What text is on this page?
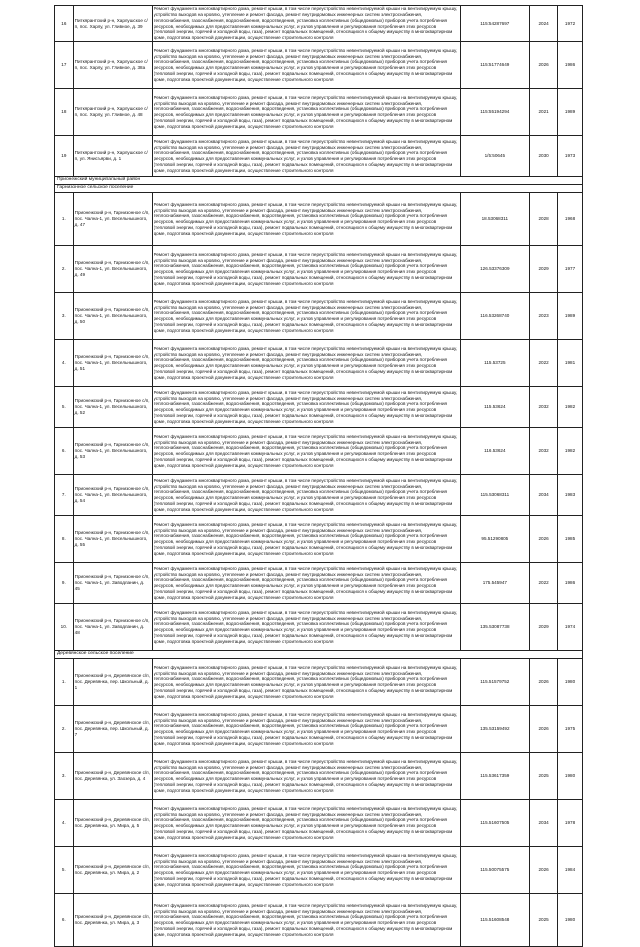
16	Питкярантский р-н, Харлушское с/п, пос. Харлу, ул. Гливное, д. 39	Ремонт фундамента многоквартирного дома, ремонт крыши, в том числе переустройство невентилируемой крыши на вентилируемую крышу, устройство выходов на кровлю, утепление и ремонт фасада, ремонт внутридомовых инженерных систем электроснабжения, теплоснабжения, газоснабжения, водоснабжения, водоотведения, установка коллективных (общедомовых) приборов учета потребления ресурсов, необходимых для предоставления коммунальных услуг, и узлов управления и регулирования потребления этих ресурсов (тепловой энергии, горячей и холодной воды, газа), ремонт подвальных помещений, относящихся к общему имуществу в многоквартирном доме, подготовка проектной документации, осуществление строительного контроля	115:54287697	2024	1972
17	Питкярантский р-н, Харлушское с/п, пос. Харлу, ул. Гливное, д. 38а	Ремонт фундамента многоквартирного дома, ремонт крыши, в том числе переустройство невентилируемой крыши на вентилируемую крышу, устройство выходов на кровлю, утепление и ремонт фасада, ремонт внутридомовых инженерных систем электроснабжения, теплоснабжения, газоснабжения, водоснабжения, водоотведения, установка коллективных (общедомовых) приборов учета потребления ресурсов, необходимых для предоставления коммунальных услуг, и узлов управления и регулирования потребления этих ресурсов (тепловой энергии, горячей и холодной воды, газа), ремонт подвальных помещений, относящихся к общему имуществу в многоквартирном доме, подготовка проектной документации, осуществление строительного контроля	115:51774649	2026	1986
18	Питкярантский р-н, Харлушское с/п, пос. Харлу, ул. Гливное, д. 48	Ремонт фундамента многоквартирного дома, ремонт крыши, в том числе переустройство невентилируемой крыши на вентилируемую крышу, устройство выходов на кровлю, утепление и ремонт фасада, ремонт внутридомовых инженерных систем электроснабжения, теплоснабжения, газоснабжения, водоснабжения, водоотведения, установка коллективных (общедомовых) приборов учета потребления ресурсов, необходимых для предоставления коммунальных услуг, и узлов управления и регулирования потребления этих ресурсов (тепловой энергии, горячей и холодной воды, газа), ремонт подвальных помещений, относящихся к общему имуществу в многоквартирном доме, подготовка проектной документации, осуществление строительного контроля	115:55194294	2021	1989
19	Питкярантский р-н, Харлушское с/п, ул. Янисъярви, д. 1	Ремонт фундамента многоквартирного дома, ремонт крыши, в том числе переустройство невентилируемой крыши на вентилируемую крышу, устройство выходов на кровлю, утепление и ремонт фасада, ремонт внутридомовых инженерных систем электроснабжения, теплоснабжения, газоснабжения, водоснабжения, водоотведения, установка коллективных (общедомовых) приборов учета потребления ресурсов, необходимых для предоставления коммунальных услуг, и узлов управления и регулирования потребления этих ресурсов (тепловой энергии, горячей и холодной воды, газа), ремонт подвальных помещений, относящихся к общему имуществу в многоквартирном доме, подготовка проектной документации, осуществление строительного контроля	1/5:50645	2030	1973
Прионежский муниципальный район					
Гарнизонное сельское поселение					
1.	Прионежский р-н, Гарнизонное с/п, пос. Чална-1, ул. Весельнышного, д. 47	Ремонт фундамента многоквартирного дома, ремонт крыши, в том числе переустройство невентилируемой крыши на вентилируемую крышу, устройство выходов на кровлю, утепление и ремонт фасада, ремонт внутридомовых инженерных систем электроснабжения, теплоснабжения, газоснабжения, водоснабжения, водоотведения, установка коллективных (общедомовых) приборов учета потребления ресурсов, необходимых для предоставления коммунальных услуг, и узлов управления и регулирования потребления этих ресурсов (тепловой энергии, горячей и холодной воды, газа), ремонт подвальных помещений, относящихся к общему имуществу в многоквартирном доме, подготовка проектной документации, осуществление строительного контроля	18.53068311	2028	1968
2.	Прионежский р-н, Гарнизонное с/п, пос. Чална-1, ул. Весельнышного, д. 49	Ремонт фундамента многоквартирного дома, ремонт крыши, в том числе переустройство невентилируемой крыши на вентилируемую крышу, устройство выходов на кровлю, утепление и ремонт фасада, ремонт внутридомовых инженерных систем электроснабжения, теплоснабжения, газоснабжения, водоснабжения, водоотведения, установка коллективных (общедомовых) приборов учета потребления ресурсов, необходимых для предоставления коммунальных услуг, и узлов управления и регулирования потребления этих ресурсов (тепловой энергии, горячей и холодной воды, газа), ремонт подвальных помещений, относящихся к общему имуществу в многоквартирном доме, подготовка проектной документации, осуществление строительного контроля	126.53376309	2029	1977
3.	Прионежский р-н, Гарнизонное с/п, пос. Чална-1, ул. Весельнышного, д. 50	Ремонт фундамента многоквартирного дома, ремонт крыши, в том числе переустройство невентилируемой крыши на вентилируемую крышу, устройство выходов на кровлю, утепление и ремонт фасада, ремонт внутридомовых инженерных систем электроснабжения, теплоснабжения, газоснабжения, водоснабжения, водоотведения, установка коллективных (общедомовых) приборов учета потребления ресурсов, необходимых для предоставления коммунальных услуг, и узлов управления и регулирования потребления этих ресурсов (тепловой энергии, горячей и холодной воды, газа), ремонт подвальных помещений, относящихся к общему имуществу в многоквартирном доме, подготовка проектной документации, осуществление строительного контроля	116.53268740	2023	1989
4.	Прионежский р-н, Гарнизонное с/п, пос. Чална-1, ул. Весельнышного, д. 51	Ремонт фундамента многоквартирного дома, ремонт крыши, в том числе переустройство невентилируемой крыши на вентилируемую крышу, устройство выходов на кровлю, утепление и ремонт фасада, ремонт внутридомовых инженерных систем электроснабжения, теплоснабжения, газоснабжения, водоснабжения, водоотведения, установка коллективных (общедомовых) приборов учета потребления ресурсов, необходимых для предоставления коммунальных услуг, и узлов управления и регулирования потребления этих ресурсов (тепловой энергии, горячей и холодной воды, газа), ремонт подвальных помещений, относящихся к общему имуществу в многоквартирном доме, подготовка проектной документации, осуществление строительного контроля	115.53725	2022	1981
5.	Прионежский р-н, Гарнизонное с/п, пос. Чална-1, ул. Весельнышного, д. 52	Ремонт фундамента многоквартирного дома, ремонт крыши, в том числе переустройство невентилируемой крыши на вентилируемую крышу, устройство выходов на кровлю, утепление и ремонт фасада, ремонт внутридомовых инженерных систем электроснабжения, теплоснабжения, газоснабжения, водоснабжения, водоотведения, установка коллективных (общедомовых) приборов учета потребления ресурсов, необходимых для предоставления коммунальных услуг, и узлов управления и регулирования потребления этих ресурсов (тепловой энергии, горячей и холодной воды, газа), ремонт подвальных помещений, относящихся к общему имуществу в многоквартирном доме, подготовка проектной документации, осуществление строительного контроля	115.53624	2032	1982
6.	Прионежский р-н, Гарнизонное с/п, пос. Чална-1, ул. Весельнышного, д. 53	Ремонт фундамента многоквартирного дома, ремонт крыши, в том числе переустройство невентилируемой крыши на вентилируемую крышу, устройство выходов на кровлю, утепление и ремонт фасада, ремонт внутридомовых инженерных систем электроснабжения, теплоснабжения, газоснабжения, водоснабжения, водоотведения, установка коллективных (общедомовых) приборов учета потребления ресурсов, необходимых для предоставления коммунальных услуг, и узлов управления и регулирования потребления этих ресурсов (тепловой энергии, горячей и холодной воды, газа), ремонт подвальных помещений, относящихся к общему имуществу в многоквартирном доме, подготовка проектной документации, осуществление строительного контроля	116.53624	2032	1982
7.	Прионежский р-н, Гарнизонное с/п, пос. Чална-1, ул. Весельнышного, д. 54	Ремонт фундамента многоквартирного дома, ремонт крыши, в том числе переустройство невентилируемой крыши на вентилируемую крышу, устройство выходов на кровлю, утепление и ремонт фасада, ремонт внутридомовых инженерных систем электроснабжения, теплоснабжения, газоснабжения, водоснабжения, водоотведения, установка коллективных (общедомовых) приборов учета потребления ресурсов, необходимых для предоставления коммунальных услуг, и узлов управления и регулирования потребления этих ресурсов (тепловой энергии, горячей и холодной воды, газа), ремонт подвальных помещений, относящихся к общему имуществу в многоквартирном доме, подготовка проектной документации, осуществление строительного контроля	115.53068311	2034	1983
8.	Прионежский р-н, Гарнизонное с/п, пос. Чална-1, ул. Весельнышного, д. 55	Ремонт фундамента многоквартирного дома, ремонт крыши, в том числе переустройство невентилируемой крыши на вентилируемую крышу, устройство выходов на кровлю, утепление и ремонт фасада, ремонт внутридомовых инженерных систем электроснабжения, теплоснабжения, газоснабжения, водоснабжения, водоотведения, установка коллективных (общедомовых) приборов учета потребления ресурсов, необходимых для предоставления коммунальных услуг, и узлов управления и регулирования потребления этих ресурсов (тепловой энергии, горячей и холодной воды, газа), ремонт подвальных помещений, относящихся к общему имуществу в многоквартирном доме, подготовка проектной документации, осуществление строительного контроля	95.51290805	2026	1985
9.	Прионежский р-н, Гарнизонное с/п, пос. Чална-1, ул. Заводланин, д. 45	Ремонт фундамента многоквартирного дома, ремонт крыши, в том числе переустройство невентилируемой крыши на вентилируемую крышу, устройство выходов на кровлю, утепление и ремонт фасада, ремонт внутридомовых инженерных систем электроснабжения, теплоснабжения, газоснабжения, водоснабжения, водоотведения, установка коллективных (общедомовых) приборов учета потребления ресурсов, необходимых для предоставления коммунальных услуг, и узлов управления и регулирования потребления этих ресурсов (тепловой энергии, горячей и холодной воды, газа), ремонт подвальных помещений, относящихся к общему имуществу в многоквартирном доме, подготовка проектной документации, осуществление строительного контроля	175.545947	2022	1986
10.	Прионежский р-н, Гарнизонное с/п, пос. Чална-1, ул. Заводланин, д. 48	Ремонт фундамента многоквартирного дома, ремонт крыши, в том числе переустройство невентилируемой крыши на вентилируемую крышу, устройство выходов на кровлю, утепление и ремонт фасада, ремонт внутридомовых инженерных систем электроснабжения, теплоснабжения, газоснабжения, водоснабжения, водоотведения, установка коллективных (общедомовых) приборов учета потребления ресурсов, необходимых для предоставления коммунальных услуг, и узлов управления и регулирования потребления этих ресурсов (тепловой энергии, горячей и холодной воды, газа), ремонт подвальных помещений, относящихся к общему имуществу в многоквартирном доме, подготовка проектной документации, осуществление строительного контроля	135.53087738	2029	1974
Деревянское сельское поселение					
1.	Прионежский р-н, Деревянское с/п, пос. Деревянка, пер. Школьный, д. 1	Ремонт фундамента многоквартирного дома, ремонт крыши, в том числе переустройство невентилируемой крыши на вентилируемую крышу, устройство выходов на кровлю, утепление и ремонт фасада, ремонт внутридомовых инженерных систем электроснабжения, теплоснабжения, газоснабжения, водоснабжения, водоотведения, установка коллективных (общедомовых) приборов учета потребления ресурсов, необходимых для предоставления коммунальных услуг, и узлов управления и регулирования потребления этих ресурсов (тепловой энергии, горячей и холодной воды, газа), ремонт подвальных помещений, относящихся к общему имуществу в многоквартирном доме, подготовка проектной документации, осуществление строительного контроля	115.51579752	2026	1980
2.	Прионежский р-н, Деревянское с/п, пос. Деревянка, пер. Школьный, д. 7	Ремонт фундамента многоквартирного дома, ремонт крыши, в том числе переустройство невентилируемой крыши на вентилируемую крышу, устройство выходов на кровлю, утепление и ремонт фасада, ремонт внутридомовых инженерных систем электроснабжения, теплоснабжения, газоснабжения, водоснабжения, водоотведения, установка коллективных (общедомовых) приборов учета потребления ресурсов, необходимых для предоставления коммунальных услуг, и узлов управления и регулирования потребления этих ресурсов (тепловой энергии, горячей и холодной воды, газа), ремонт подвальных помещений, относящихся к общему имуществу в многоквартирном доме, подготовка проектной документации, осуществление строительного контроля	135.53159492	2026	1975
3.	Прионежский р-н, Деревянское с/п, пос. Деревянка, ул. Заозера, д. 4	Ремонт фундамента многоквартирного дома, ремонт крыши, в том числе переустройство невентилируемой крыши на вентилируемую крышу, устройство выходов на кровлю, утепление и ремонт фасада, ремонт внутридомовых инженерных систем электроснабжения, теплоснабжения, газоснабжения, водоснабжения, водоотведения, установка коллективных (общедомовых) приборов учета потребления ресурсов, необходимых для предоставления коммунальных услуг, и узлов управления и регулирования потребления этих ресурсов (тепловой энергии, горячей и холодной воды, газа), ремонт подвальных помещений, относящихся к общему имуществу в многоквартирном доме, подготовка проектной документации, осуществление строительного контроля	115.53617359	2025	1980
4.	Прионежский р-н, Деревянское с/п, пос. Деревянка, ул. Мира, д. 5	Ремонт фундамента многоквартирного дома, ремонт крыши, в том числе переустройство невентилируемой крыши на вентилируемую крышу, устройство выходов на кровлю, утепление и ремонт фасада, ремонт внутридомовых инженерных систем электроснабжения, теплоснабжения, газоснабжения, водоснабжения, водоотведения, установка коллективных (общедомовых) приборов учета потребления ресурсов, необходимых для предоставления коммунальных услуг, и узлов управления и регулирования потребления этих ресурсов (тепловой энергии, горячей и холодной воды, газа), ремонт подвальных помещений, относящихся к общему имуществу в многоквартирном доме, подготовка проектной документации, осуществление строительного контроля	115.51607505	2034	1978
5.	Прионежский р-н, Деревянское с/п, пос. Деревянка, ул. Мира, д. 2	Ремонт фундамента многоквартирного дома, ремонт крыши, в том числе переустройство невентилируемой крыши на вентилируемую крышу, устройство выходов на кровлю, утепление и ремонт фасада, ремонт внутридомовых инженерных систем электроснабжения, теплоснабжения, газоснабжения, водоснабжения, водоотведения, установка коллективных (общедомовых) приборов учета потребления ресурсов, необходимых для предоставления коммунальных услуг, и узлов управления и регулирования потребления этих ресурсов (тепловой энергии, горячей и холодной воды, газа), ремонт подвальных помещений, относящихся к общему имуществу в многоквартирном доме, подготовка проектной документации, осуществление строительного контроля	115.50075575	2026	1984
6.	Прионежский р-н, Деревянское с/п, пос. Деревянка, ул. Мира, д. 3	Ремонт фундамента многоквартирного дома, ремонт крыши, в том числе переустройство невентилируемой крыши на вентилируемую крышу, устройство выходов на кровлю, утепление и ремонт фасада, ремонт внутридомовых инженерных систем электроснабжения, теплоснабжения, газоснабжения, водоснабжения, водоотведения, установка коллективных (общедомовых) приборов учета потребления ресурсов, необходимых для предоставления коммунальных услуг, и узлов управления и регулирования потребления этих ресурсов (тепловой энергии, горячей и холодной воды, газа), ремонт подвальных помещений, относящихся к общему имуществу в многоквартирном доме, подготовка проектной документации, осуществление строительного контроля	115.51608548	2025	1980
